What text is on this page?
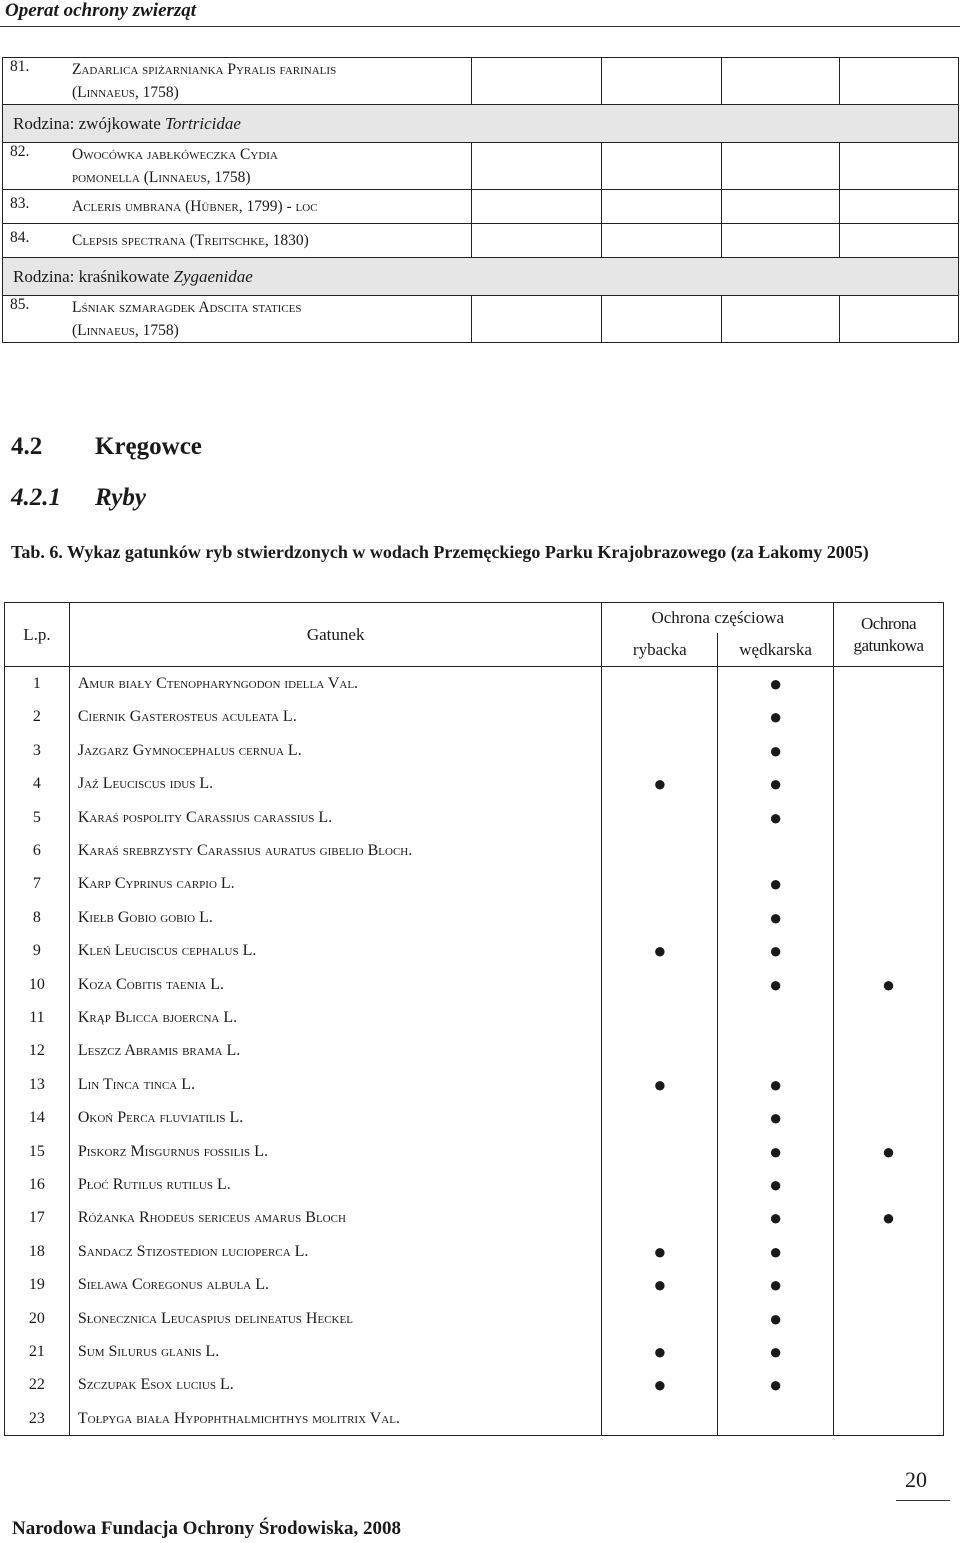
Operat ochrony zwierząt
81. Zadarlica spiżarnianka Pyralis farinalis
(Linnaeus, 1758)				
Rodzina: zwójkowate Tortricidae				
82. Owocówka jabłkóweczka Cydia
pomonella (Linnaeus, 1758)				
83. Acleris umbrana (Hübner, 1799) - loc				
84. Clepsis spectrana (Treitschke, 1830)				
Rodzina: kraśnikowate Zygaenidae				
85. Lśniak szmaragdek Adscita statices
(Linnaeus, 1758)				
4.2 Kręgowce
4.2.1 Ryby
Tab. 6. Wykaz gatunków ryb stwierdzonych w wodach Przemęckiego Parku Krajobrazowego (za Łakomy 2005)
L.p.	Gatunek	Ochrona częściowa		Ochrona gatunkowa
		rybacka	wędkarska	
1	Amur biały Ctenopharyngodon idella Val.		●	
2	Ciernik Gasterosteus aculeata L.		●	
3	Jazgarz Gymnocephalus cernua L.		●	
4	Jaź Leuciscus idus L.	●	●	
5	Karaś pospolity Carassius carassius L.		●	
6	Karaś srebrzysty Carassius auratus gibelio Bloch.			
7	Karp Cyprinus carpio L.		●	
8	Kiełb Gobio gobio L.		●	
9	Kleń Leuciscus cephalus L.	●	●	
10	Koza Cobitis taenia L.		●	●
11	Krąp Blicca bjoercna L.			
12	Leszcz Abramis brama L.			
13	Lin Tinca tinca L.	●	●	
14	Okoń Perca fluviatilis L.		●	
15	Piskorz Misgurnus fossilis L.		●	●
16	Płoć Rutilus rutilus L.		●	
17	Różanka Rhodeus sericeus amarus Bloch		●	●
18	Sandacz Stizostedion lucioperca L.	●	●	
19	Sielawa Coregonus albula L.	●	●	
20	Słonecznica Leucaspius delineatus Heckel		●	
21	Sum Silurus glanis L.	●	●	
22	Szczupak Esox lucius L.	●	●	
23	Tołpyga biała Hypophthalmichthys molitrix Val.			
20
Narodowa Fundacja Ochrony Środowiska, 2008
